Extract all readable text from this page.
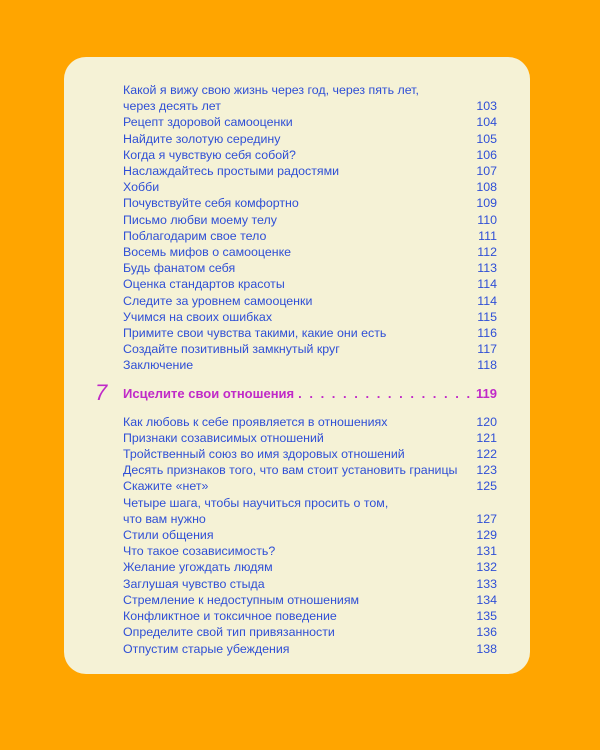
Какой я вижу свою жизнь через год, через пять лет,
через десять лет	103
Рецепт здоровой самооценки	104
Найдите золотую середину	105
Когда я чувствую себя собой?	106
Наслаждайтесь простыми радостями	107
Хобби	108
Почувствуйте себя комфортно	109
Письмо любви моему телу	110
Поблагодарим свое тело	111
Восемь мифов о самооценке	112
Будь фанатом себя	113
Оценка стандартов красоты	114
Следите за уровнем самооценки	114
Учимся на своих ошибках	115
Примите свои чувства такими, какие они есть	116
Создайте позитивный замкнутый круг	117
Заключение	118
7 Исцелите свои отношения . . .	119
Как любовь к себе проявляется в отношениях	120
Признаки созависимых отношений	121
Тройственный союз во имя здоровых отношений	122
Десять признаков того, что вам стоит установить границы	123
Скажите «нет»	125
Четыре шага, чтобы научиться просить о том,
что вам нужно	127
Стили общения	129
Что такое созависимость?	131
Желание угождать людям	132
Заглушая чувство стыда	133
Стремление к недоступным отношениям	134
Конфликтное и токсичное поведение	135
Определите свой тип привязанности	136
Отпустим старые убеждения	138
